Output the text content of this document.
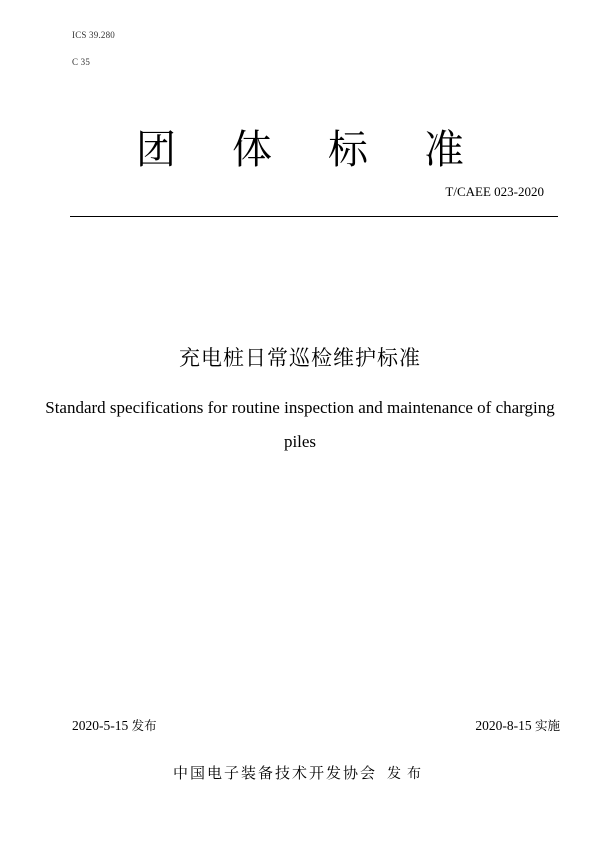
ICS 39.280
C 35
团 体 标 准
T/CAEE 023-2020
充电桩日常巡检维护标准
Standard specifications for routine inspection and maintenance of charging
piles
2020-5-15 发布	2020-8-15 实施
中国电子装备技术开发协会 发布
